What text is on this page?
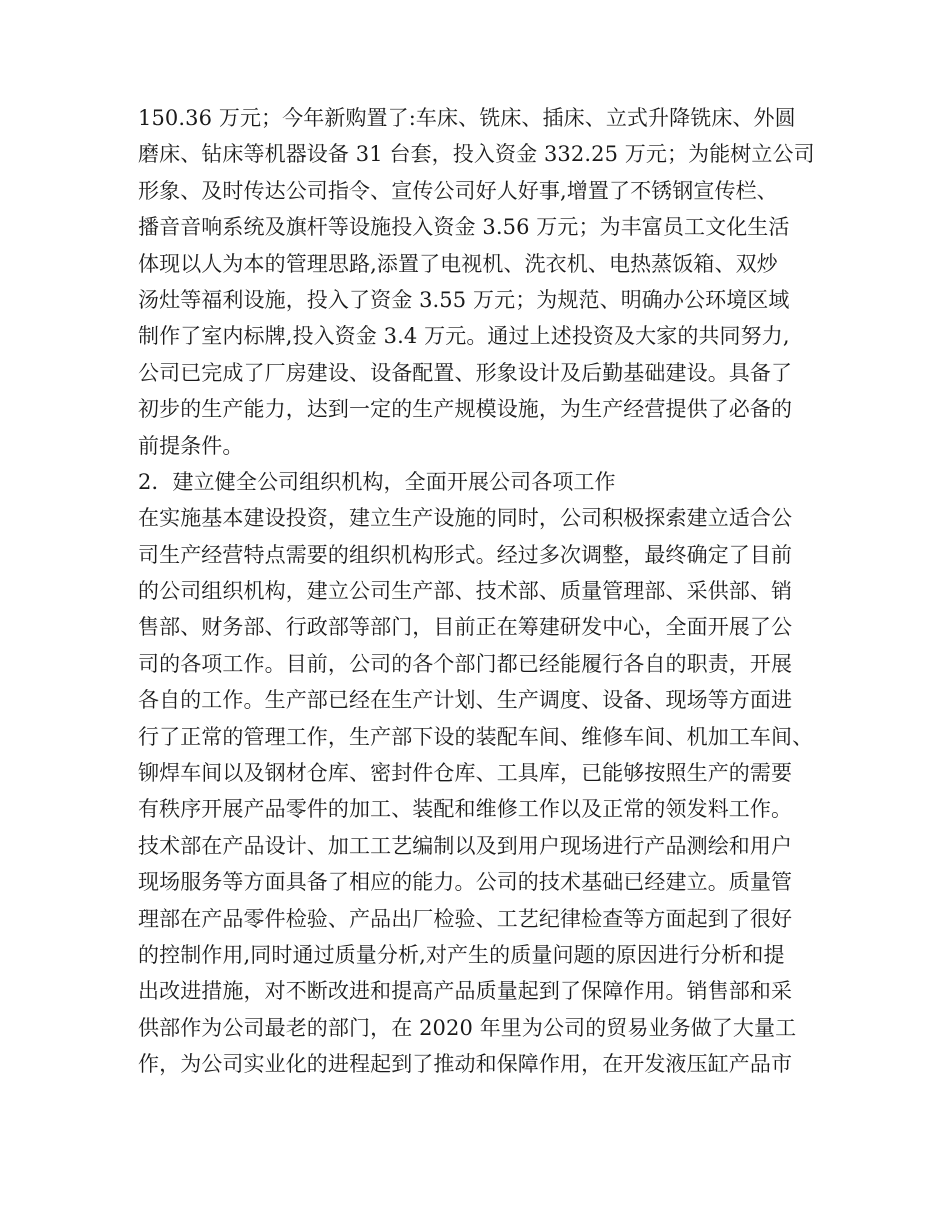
150.36 万元；今年新购置了:车床、铣床、插床、立式升降铣床、外圆
磨床、钻床等机器设备 31 台套，投入资金 332.25 万元；为能树立公司
形象、及时传达公司指令、宣传公司好人好事,增置了不锈钢宣传栏、
播音音响系统及旗杆等设施投入资金 3.56 万元；为丰富员工文化生活
体现以人为本的管理思路,添置了电视机、洗衣机、电热蒸饭箱、双炒
汤灶等福利设施，投入了资金 3.55 万元；为规范、明确办公环境区域
制作了室内标牌,投入资金 3.4 万元。通过上述投资及大家的共同努力,
公司已完成了厂房建设、设备配置、形象设计及后勤基础建设。具备了
初步的生产能力，达到一定的生产规模设施，为生产经营提供了必备的
前提条件。
2．建立健全公司组织机构，全面开展公司各项工作
在实施基本建设投资，建立生产设施的同时，公司积极探索建立适合公
司生产经营特点需要的组织机构形式。经过多次调整，最终确定了目前
的公司组织机构，建立公司生产部、技术部、质量管理部、采供部、销
售部、财务部、行政部等部门，目前正在筹建研发中心，全面开展了公
司的各项工作。目前，公司的各个部门都已经能履行各自的职责，开展
各自的工作。生产部已经在生产计划、生产调度、设备、现场等方面进
行了正常的管理工作，生产部下设的装配车间、维修车间、机加工车间、
铆焊车间以及钢材仓库、密封件仓库、工具库，已能够按照生产的需要
有秩序开展产品零件的加工、装配和维修工作以及正常的领发料工作。
技术部在产品设计、加工工艺编制以及到用户现场进行产品测绘和用户
现场服务等方面具备了相应的能力。公司的技术基础已经建立。质量管
理部在产品零件检验、产品出厂检验、工艺纪律检查等方面起到了很好
的控制作用,同时通过质量分析,对产生的质量问题的原因进行分析和提
出改进措施，对不断改进和提高产品质量起到了保障作用。销售部和采
供部作为公司最老的部门，在 2020 年里为公司的贸易业务做了大量工
作，为公司实业化的进程起到了推动和保障作用，在开发液压缸产品市
